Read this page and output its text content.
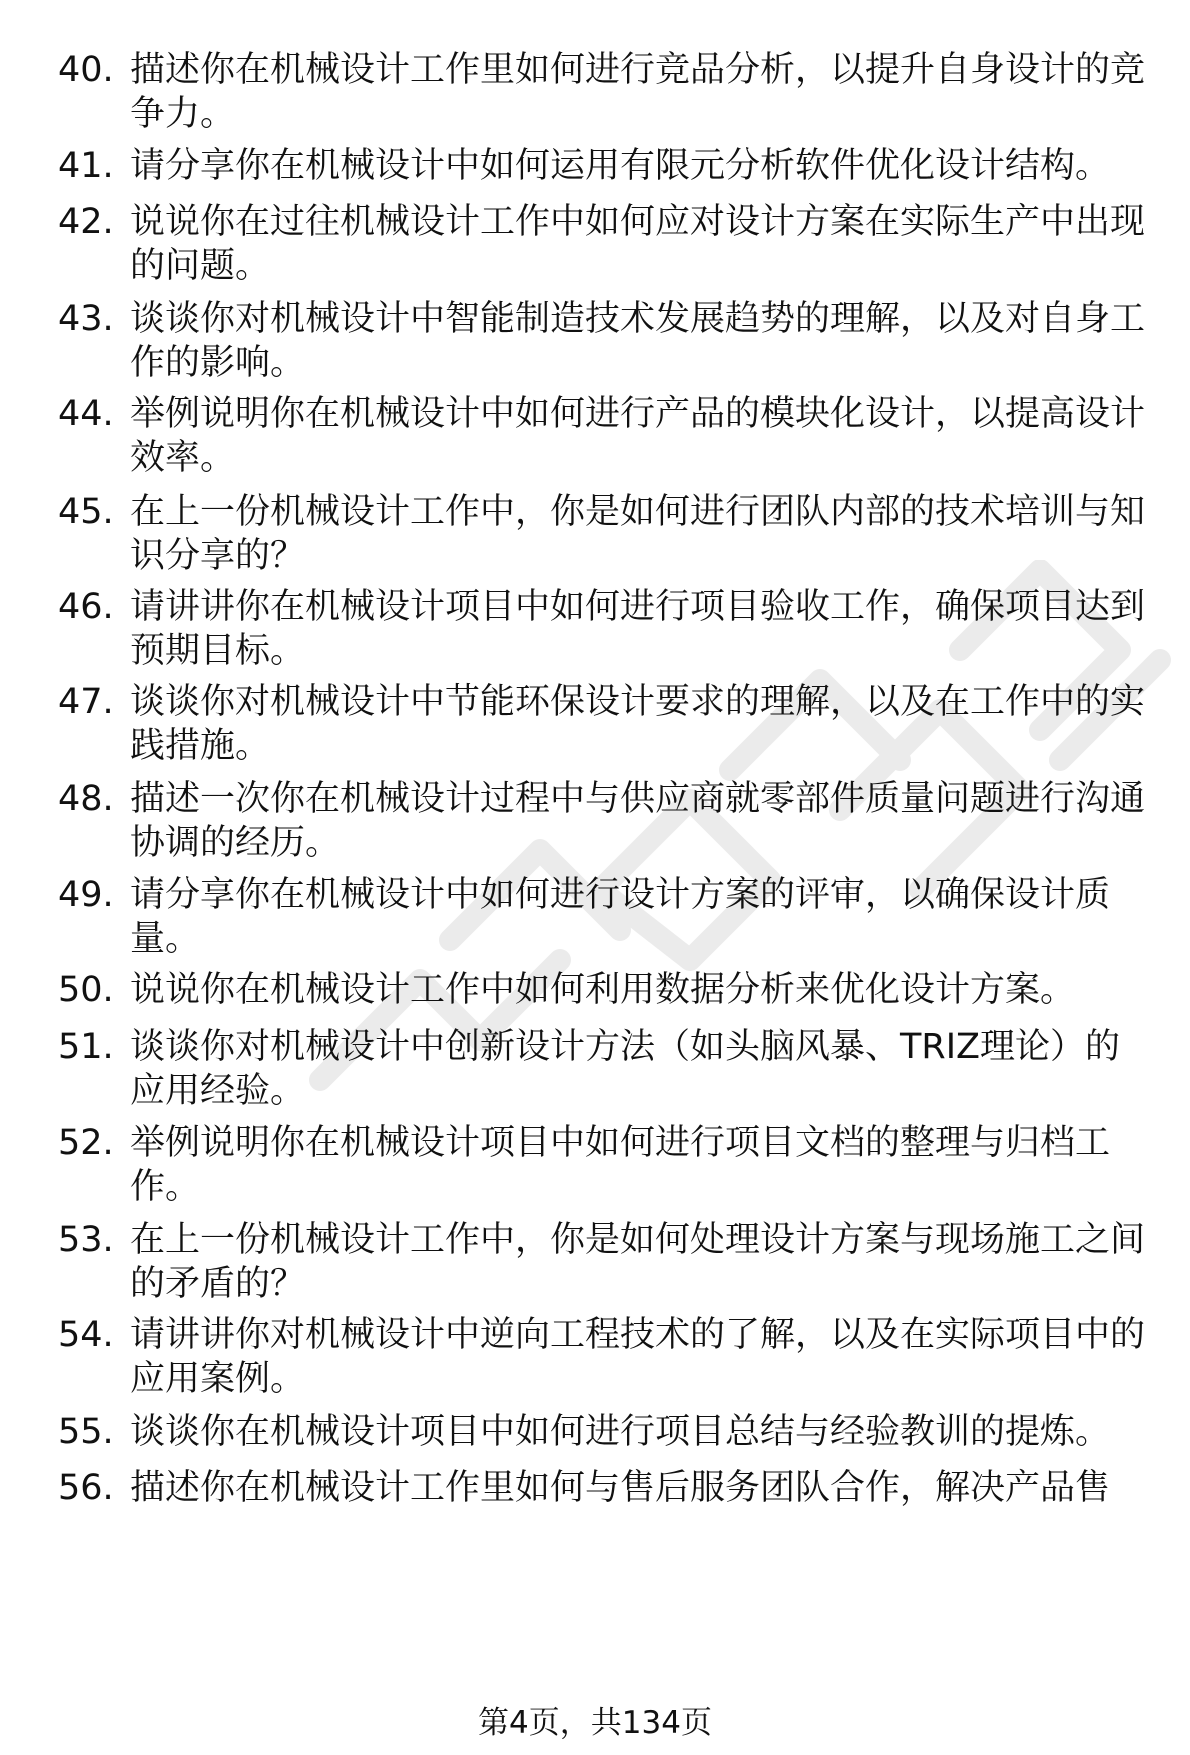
40. 描述你在机械设计工作里如何进行竞品分析，以提升自身设计的竞争力。
41. 请分享你在机械设计中如何运用有限元分析软件优化设计结构。
42. 说说你在过往机械设计工作中如何应对设计方案在实际生产中出现的问题。
43. 谈谈你对机械设计中智能制造技术发展趋势的理解，以及对自身工作的影响。
44. 举例说明你在机械设计中如何进行产品的模块化设计，以提高设计效率。
45. 在上一份机械设计工作中，你是如何进行团队内部的技术培训与知识分享的？
46. 请讲讲你在机械设计项目中如何进行项目验收工作，确保项目达到预期目标。
47. 谈谈你对机械设计中节能环保设计要求的理解，以及在工作中的实践措施。
48. 描述一次你在机械设计过程中与供应商就零部件质量问题进行沟通协调的经历。
49. 请分享你在机械设计中如何进行设计方案的评审，以确保设计质量。
50. 说说你在机械设计工作中如何利用数据分析来优化设计方案。
51. 谈谈你对机械设计中创新设计方法（如头脑风暴、TRIZ理论）的应用经验。
52. 举例说明你在机械设计项目中如何进行项目文档的整理与归档工作。
53. 在上一份机械设计工作中，你是如何处理设计方案与现场施工之间的矛盾的？
54. 请讲讲你对机械设计中逆向工程技术的了解，以及在实际项目中的应用案例。
55. 谈谈你在机械设计项目中如何进行项目总结与经验教训的提炼。
56. 描述你在机械设计工作里如何与售后服务团队合作，解决产品售
第4页，共134页
